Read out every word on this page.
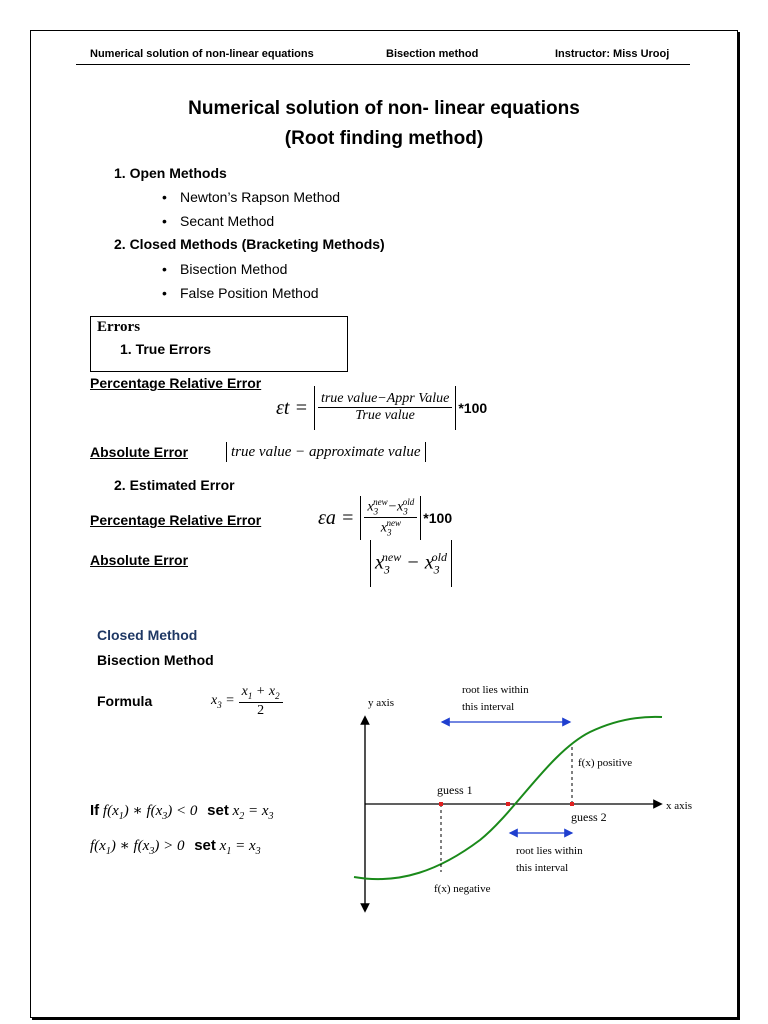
Numerical solution of non-linear equations	Bisection method	Instructor: Miss Urooj
Numerical solution of non- linear equations
(Root finding method)
1. Open Methods
• Newton’s Rapson Method
• Secant Method
2. Closed Methods (Bracketing Methods)
• Bisection Method
• False Position Method
Errors
1. True Errors
Percentage Relative Error
$\varepsilon t = \frac{\text{true value−Appr Value}}{\text{True value}} *100$
Absolute Error	true value − approximate value
2. Estimated Error
Percentage Relative Error	$\varepsilon a = \frac{x_3^{new}-x_3^{old}}{x_3^{new}} *100$
Absolute Error	$x_3^{new} - x_3^{old}$
Closed Method
Bisection Method
Formula	$x_3 = \frac{x_1 + x_2}{2}$
If $f(x_1)$ ∗ $f(x_3) < 0$ set $x_2 = x_3$
$f(x_1)$ ∗ $f(x_3) > 0$ set $x_1 = x_3$
y axis
x axis
root lies within
this interval
guess 1
guess 2
f(x) positive
root lies within
this interval
f(x) negative
